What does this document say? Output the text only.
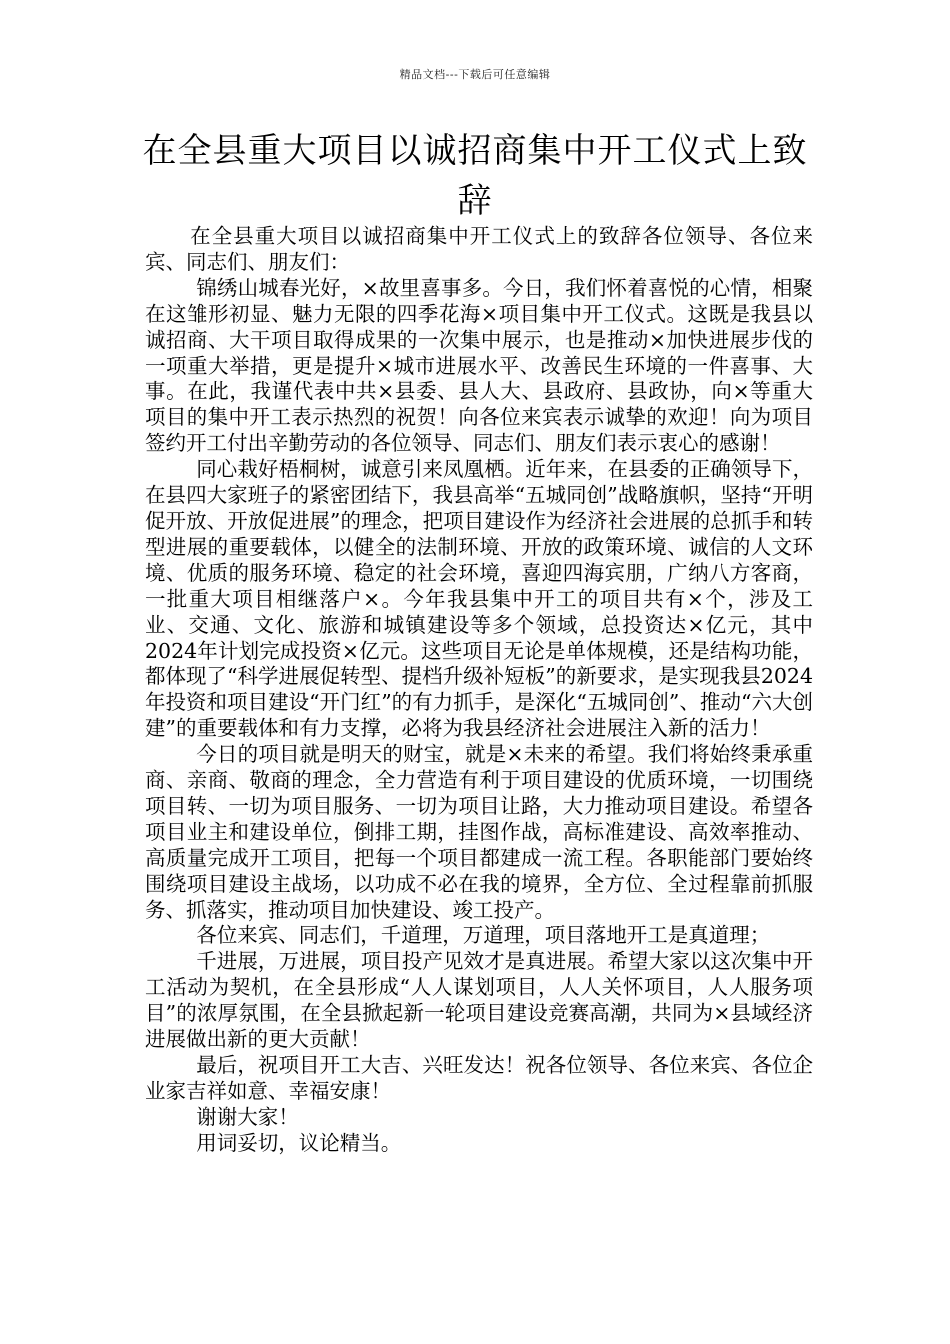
精品文档---下载后可任意编辑
在全县重大项目以诚招商集中开工仪式上致辞

在全县重大项目以诚招商集中开工仪式上的致辞各位领导、各位来宾、同志们、朋友们：

锦绣山城春光好，×故里喜事多。今日，我们怀着喜悦的心情，相聚在这雏形初显、魅力无限的四季花海×项目集中开工仪式。这既是我县以诚招商、大干项目取得成果的一次集中展示，也是推动×加快进展步伐的一项重大举措，更是提升×城市进展水平、改善民生环境的一件喜事、大事。在此，我谨代表中共×县委、县人大、县政府、县政协，向×等重大项目的集中开工表示热烈的祝贺！向各位来宾表示诚挚的欢迎！向为项目签约开工付出辛勤劳动的各位领导、同志们、朋友们表示衷心的感谢！

同心栽好梧桐树，诚意引来凤凰栖。近年来，在县委的正确领导下，在县四大家班子的紧密团结下，我县高举“五城同创”战略旗帜，坚持“开明促开放、开放促进展”的理念，把项目建设作为经济社会进展的总抓手和转型进展的重要载体，以健全的法制环境、开放的政策环境、诚信的人文环境、优质的服务环境、稳定的社会环境，喜迎四海宾朋，广纳八方客商，一批重大项目相继落户×。今年我县集中开工的项目共有×个，涉及工业、交通、文化、旅游和城镇建设等多个领域，总投资达×亿元，其中2024年计划完成投资×亿元。这些项目无论是单体规模，还是结构功能，都体现了“科学进展促转型、提档升级补短板”的新要求，是实现我县2024年投资和项目建设“开门红”的有力抓手，是深化“五城同创”、推动“六大创建”的重要载体和有力支撑，必将为我县经济社会进展注入新的活力！

今日的项目就是明天的财宝，就是×未来的希望。我们将始终秉承重商、亲商、敬商的理念，全力营造有利于项目建设的优质环境，一切围绕项目转、一切为项目服务、一切为项目让路，大力推动项目建设。希望各项目业主和建设单位，倒排工期，挂图作战，高标准建设、高效率推动、高质量完成开工项目，把每一个项目都建成一流工程。各职能部门要始终围绕项目建设主战场，以功成不必在我的境界，全方位、全过程靠前抓服务、抓落实，推动项目加快建设、竣工投产。

各位来宾、同志们，千道理，万道理，项目落地开工是真道理；

千进展，万进展，项目投产见效才是真进展。希望大家以这次集中开工活动为契机，在全县形成“人人谋划项目，人人关怀项目，人人服务项目”的浓厚氛围，在全县掀起新一轮项目建设竞赛高潮，共同为×县域经济进展做出新的更大贡献！

最后，祝项目开工大吉、兴旺发达！祝各位领导、各位来宾、各位企业家吉祥如意、幸福安康！

谢谢大家！

用词妥切，议论精当。
